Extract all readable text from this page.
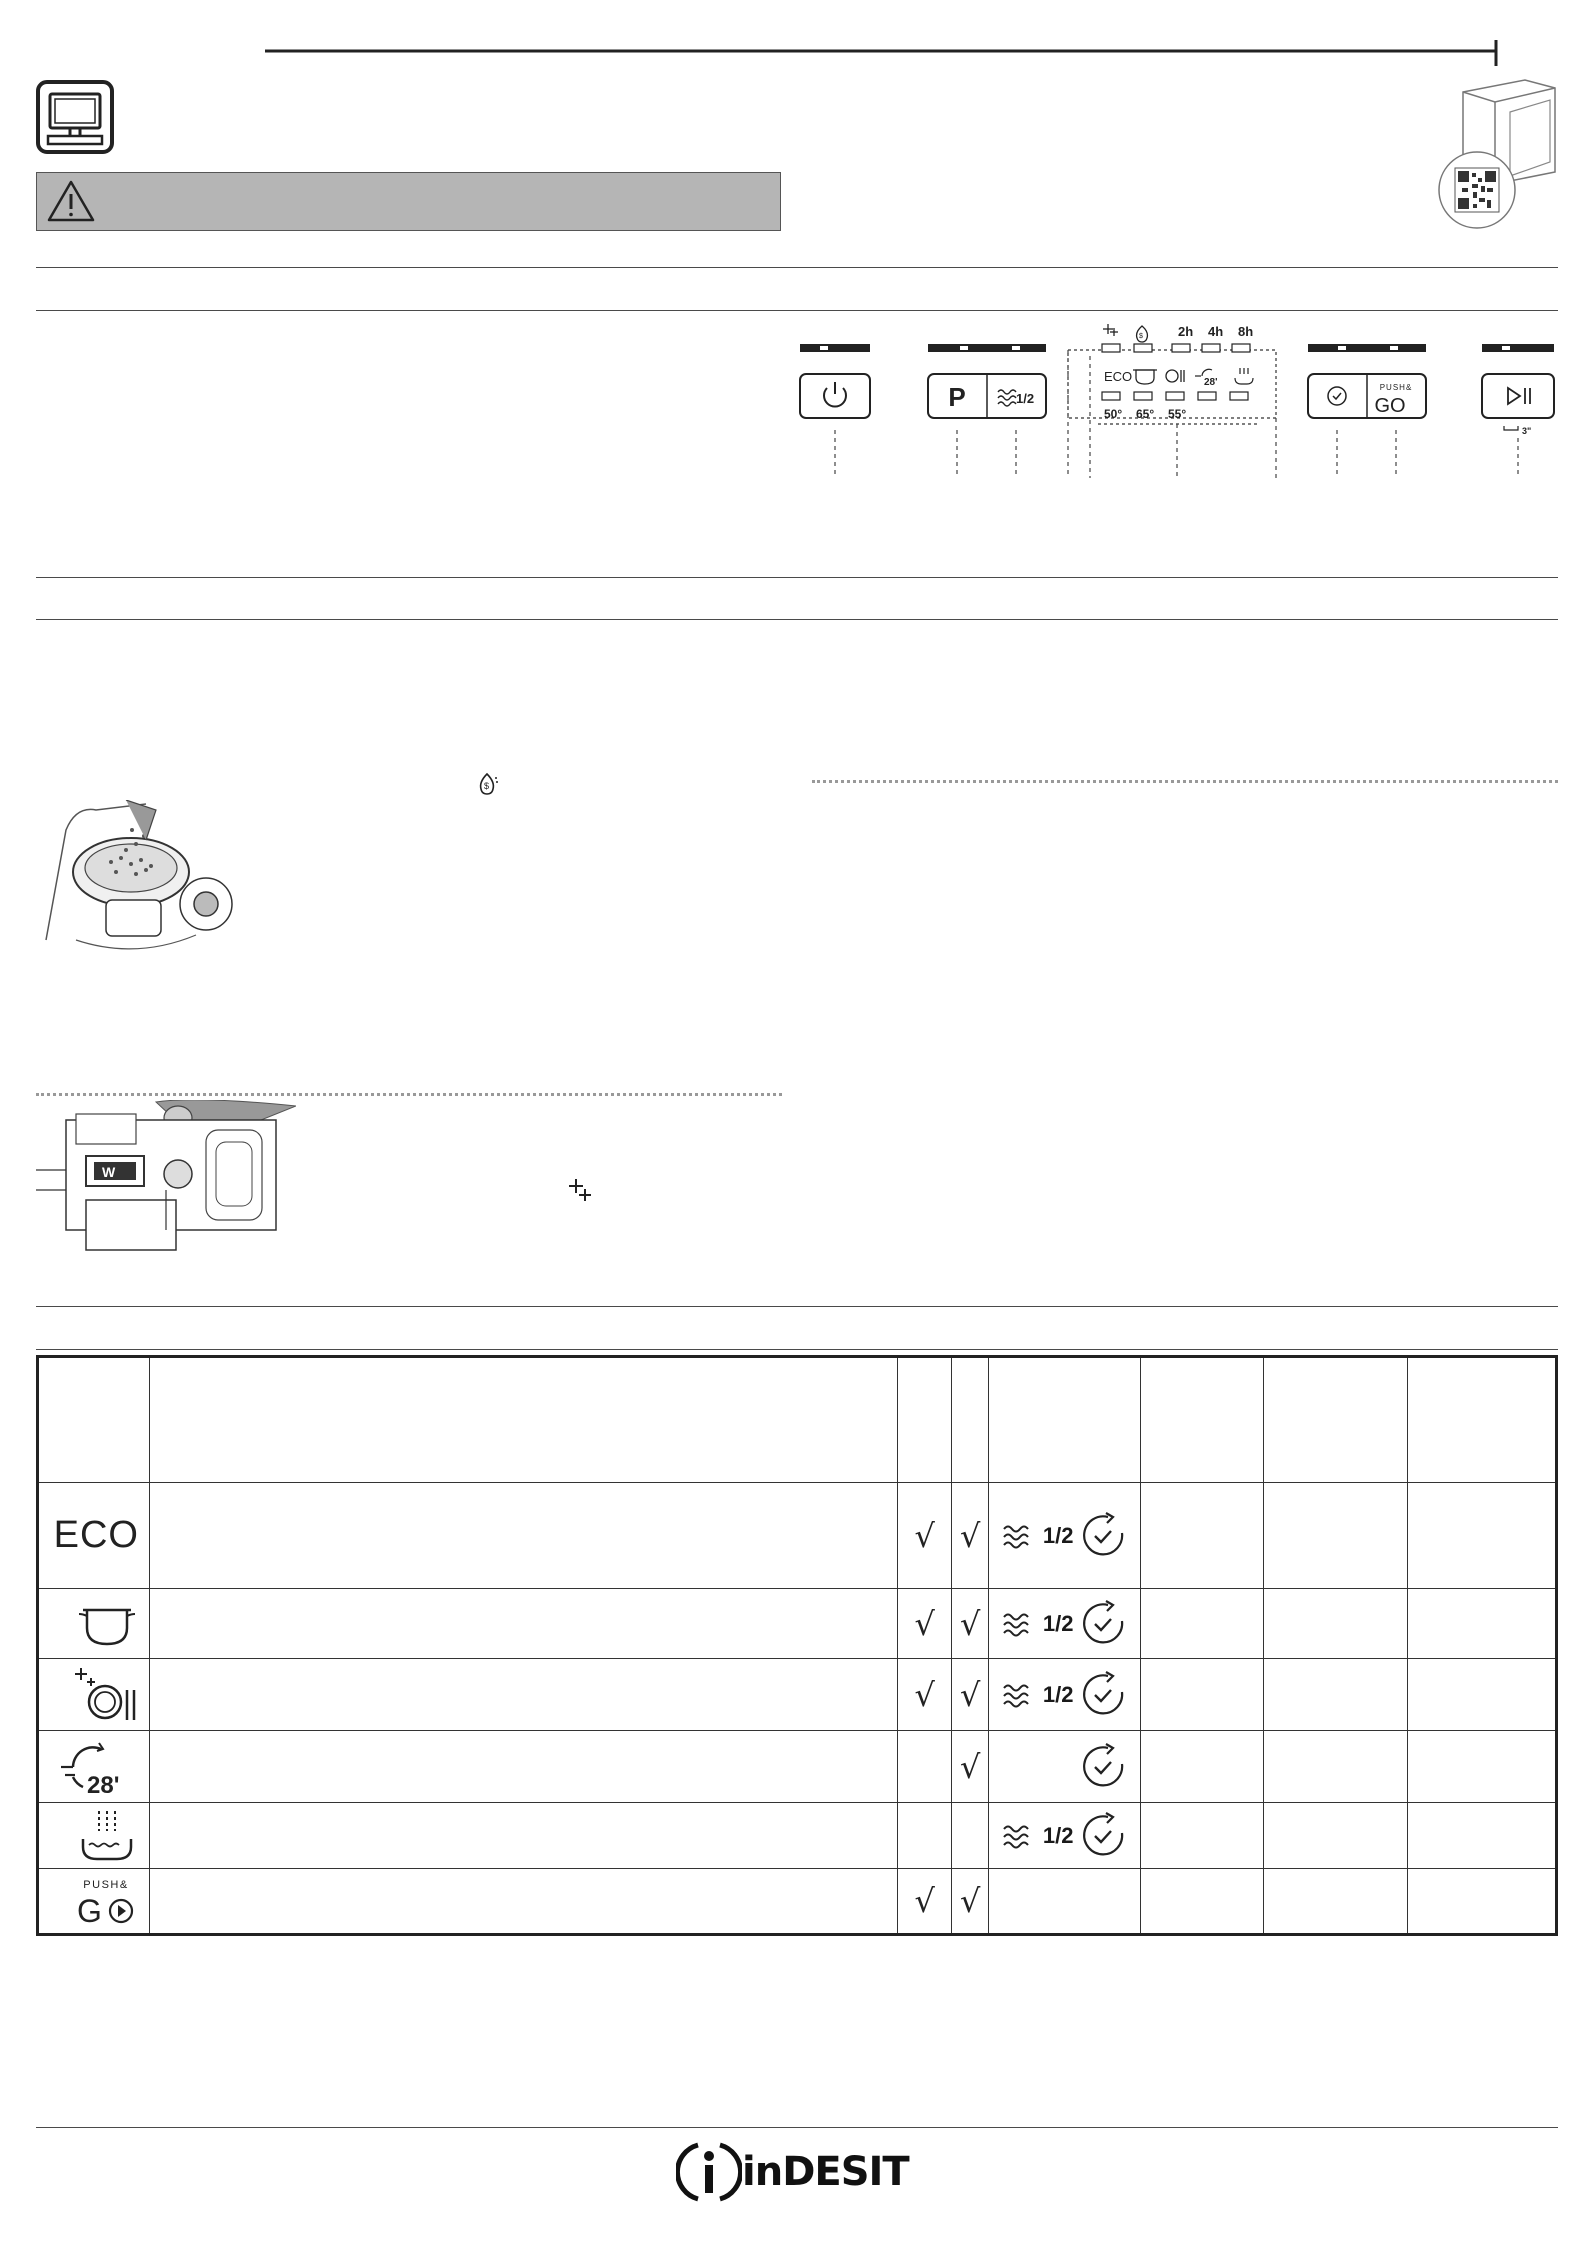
P	1/2
$	2h 4h 8h
ECO	28'
50° 65° 55°
PUSH&
GO
3"
$
W

ECO		√	√	1/2			
		√	√	1/2			
		√	√	1/2			

28'			√				
				1/2			

PUSH&
G		√	√				
inDESIT
